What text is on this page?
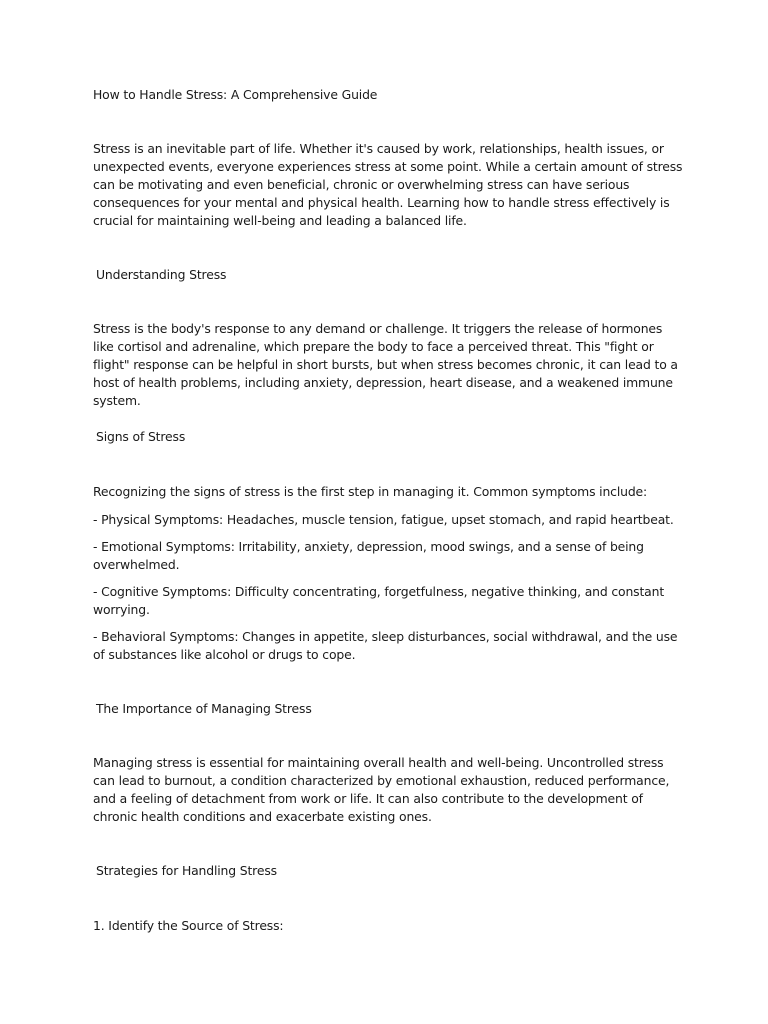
How to Handle Stress: A Comprehensive Guide

Stress is an inevitable part of life. Whether it's caused by work, relationships, health issues, or unexpected events, everyone experiences stress at some point. While a certain amount of stress can be motivating and even beneficial, chronic or overwhelming stress can have serious consequences for your mental and physical health. Learning how to handle stress effectively is crucial for maintaining well-being and leading a balanced life.

Understanding Stress

Stress is the body's response to any demand or challenge. It triggers the release of hormones like cortisol and adrenaline, which prepare the body to face a perceived threat. This "fight or flight" response can be helpful in short bursts, but when stress becomes chronic, it can lead to a host of health problems, including anxiety, depression, heart disease, and a weakened immune system.

Signs of Stress

Recognizing the signs of stress is the first step in managing it. Common symptoms include:

- Physical Symptoms: Headaches, muscle tension, fatigue, upset stomach, and rapid heartbeat.

- Emotional Symptoms: Irritability, anxiety, depression, mood swings, and a sense of being overwhelmed.

- Cognitive Symptoms: Difficulty concentrating, forgetfulness, negative thinking, and constant worrying.

- Behavioral Symptoms: Changes in appetite, sleep disturbances, social withdrawal, and the use of substances like alcohol or drugs to cope.

The Importance of Managing Stress

Managing stress is essential for maintaining overall health and well-being. Uncontrolled stress can lead to burnout, a condition characterized by emotional exhaustion, reduced performance, and a feeling of detachment from work or life. It can also contribute to the development of chronic health conditions and exacerbate existing ones.

Strategies for Handling Stress

1. Identify the Source of Stress:
